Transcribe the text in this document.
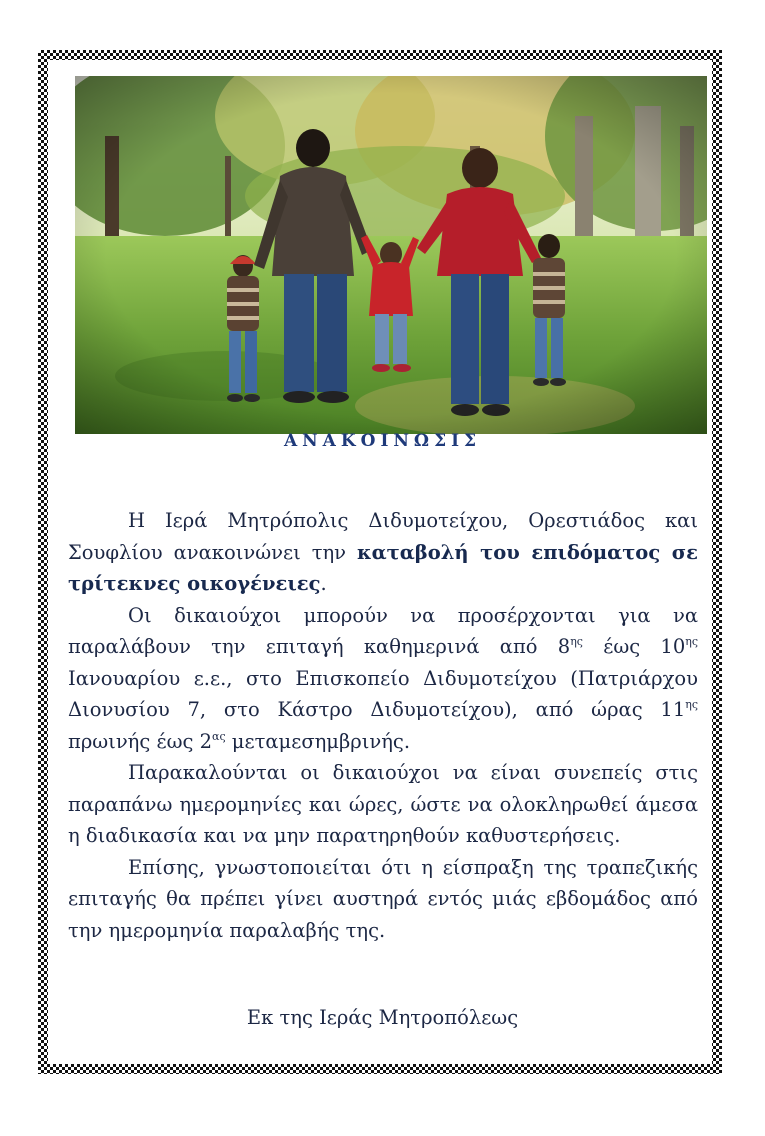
ΑΝΑΚΟΙΝΩΣΙΣ

Η Ιερά Μητρόπολις Διδυμοτείχου, Ορεστιάδος και Σουφλίου ανακοινώνει την καταβολή του επιδόματος σε τρίτεκνες οικογένειες.

Οι δικαιούχοι μπορούν να προσέρχονται για να παραλάβουν την επιταγή καθημερινά από $8^{\eta\varsigma}$ έως $10^{\eta\varsigma}$ Ιανουαρίου ε.ε., στο Επισκοπείο Διδυμοτείχου (Πατριάρχου Διονυσίου 7, στο Κάστρο Διδυμοτείχου), από ώρας $11^{\eta\varsigma}$ πρωινής έως $2^{\alpha\varsigma}$ μεταμεσημβρινής.

Παρακαλούνται οι δικαιούχοι να είναι συνεπείς στις παραπάνω ημερομηνίες και ώρες, ώστε να ολοκληρωθεί άμεσα η διαδικασία και να μην παρατηρηθούν καθυστερήσεις.

Επίσης, γνωστοποιείται ότι η είσπραξη της τραπεζικής επιταγής θα πρέπει γίνει αυστηρά εντός μιάς εβδομάδος από την ημερομηνία παραλαβής της.

Εκ της Ιεράς Μητροπόλεως
